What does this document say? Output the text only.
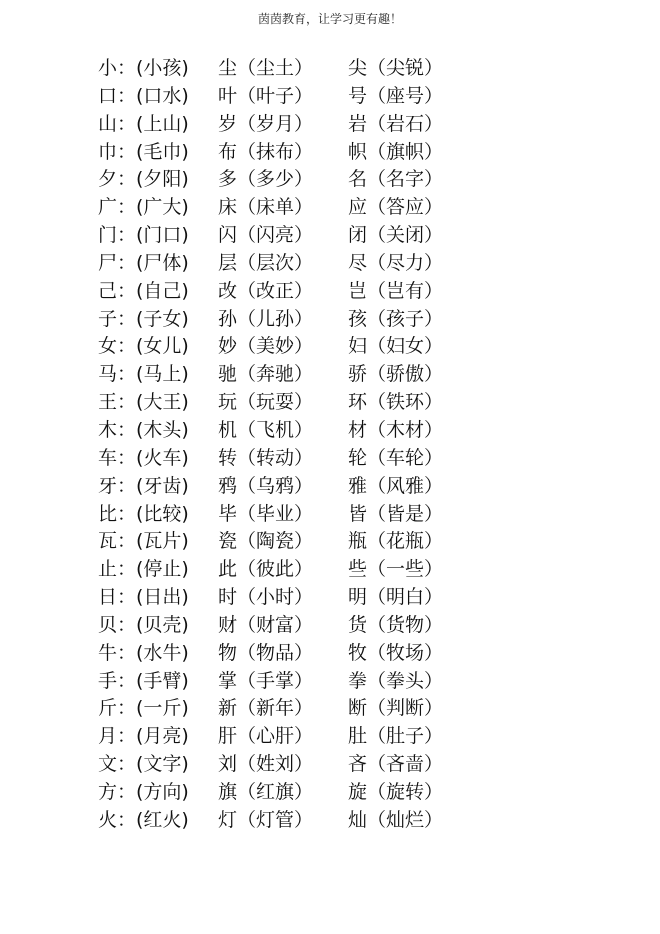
茵茵教育，让学习更有趣！
小：(小孩) 尘（尘土） 尖（尖锐）
口：(口水) 叶（叶子） 号（座号）
山：(上山) 岁（岁月） 岩（岩石）
巾：(毛巾) 布（抹布） 帜（旗帜）
夕：(夕阳) 多（多少） 名（名字）
广：(广大) 床（床单） 应（答应）
门：(门口) 闪（闪亮） 闭（关闭）
尸：(尸体) 层（层次） 尽（尽力）
己：(自己) 改（改正） 岂（岂有）
子：(子女) 孙（儿孙） 孩（孩子）
女：(女儿) 妙（美妙） 妇（妇女）
马：(马上) 驰（奔驰） 骄（骄傲）
王：(大王) 玩（玩耍） 环（铁环）
木：(木头) 机（飞机） 材（木材）
车：(火车) 转（转动） 轮（车轮）
牙：(牙齿) 鸦（乌鸦） 雅（风雅）
比：(比较) 毕（毕业） 皆（皆是）
瓦：(瓦片) 瓷（陶瓷） 瓶（花瓶）
止：(停止) 此（彼此） 些（一些）
日：(日出) 时（小时） 明（明白）
贝：(贝壳) 财（财富） 货（货物）
牛：(水牛) 物（物品） 牧（牧场）
手：(手臂) 掌（手掌） 拳（拳头）
斤：(一斤) 新（新年） 断（判断）
月：(月亮) 肝（心肝） 肚（肚子）
文：(文字) 刘（姓刘） 吝（吝啬）
方：(方向) 旗（红旗） 旋（旋转）
火：(红火) 灯（灯管） 灿（灿烂）
